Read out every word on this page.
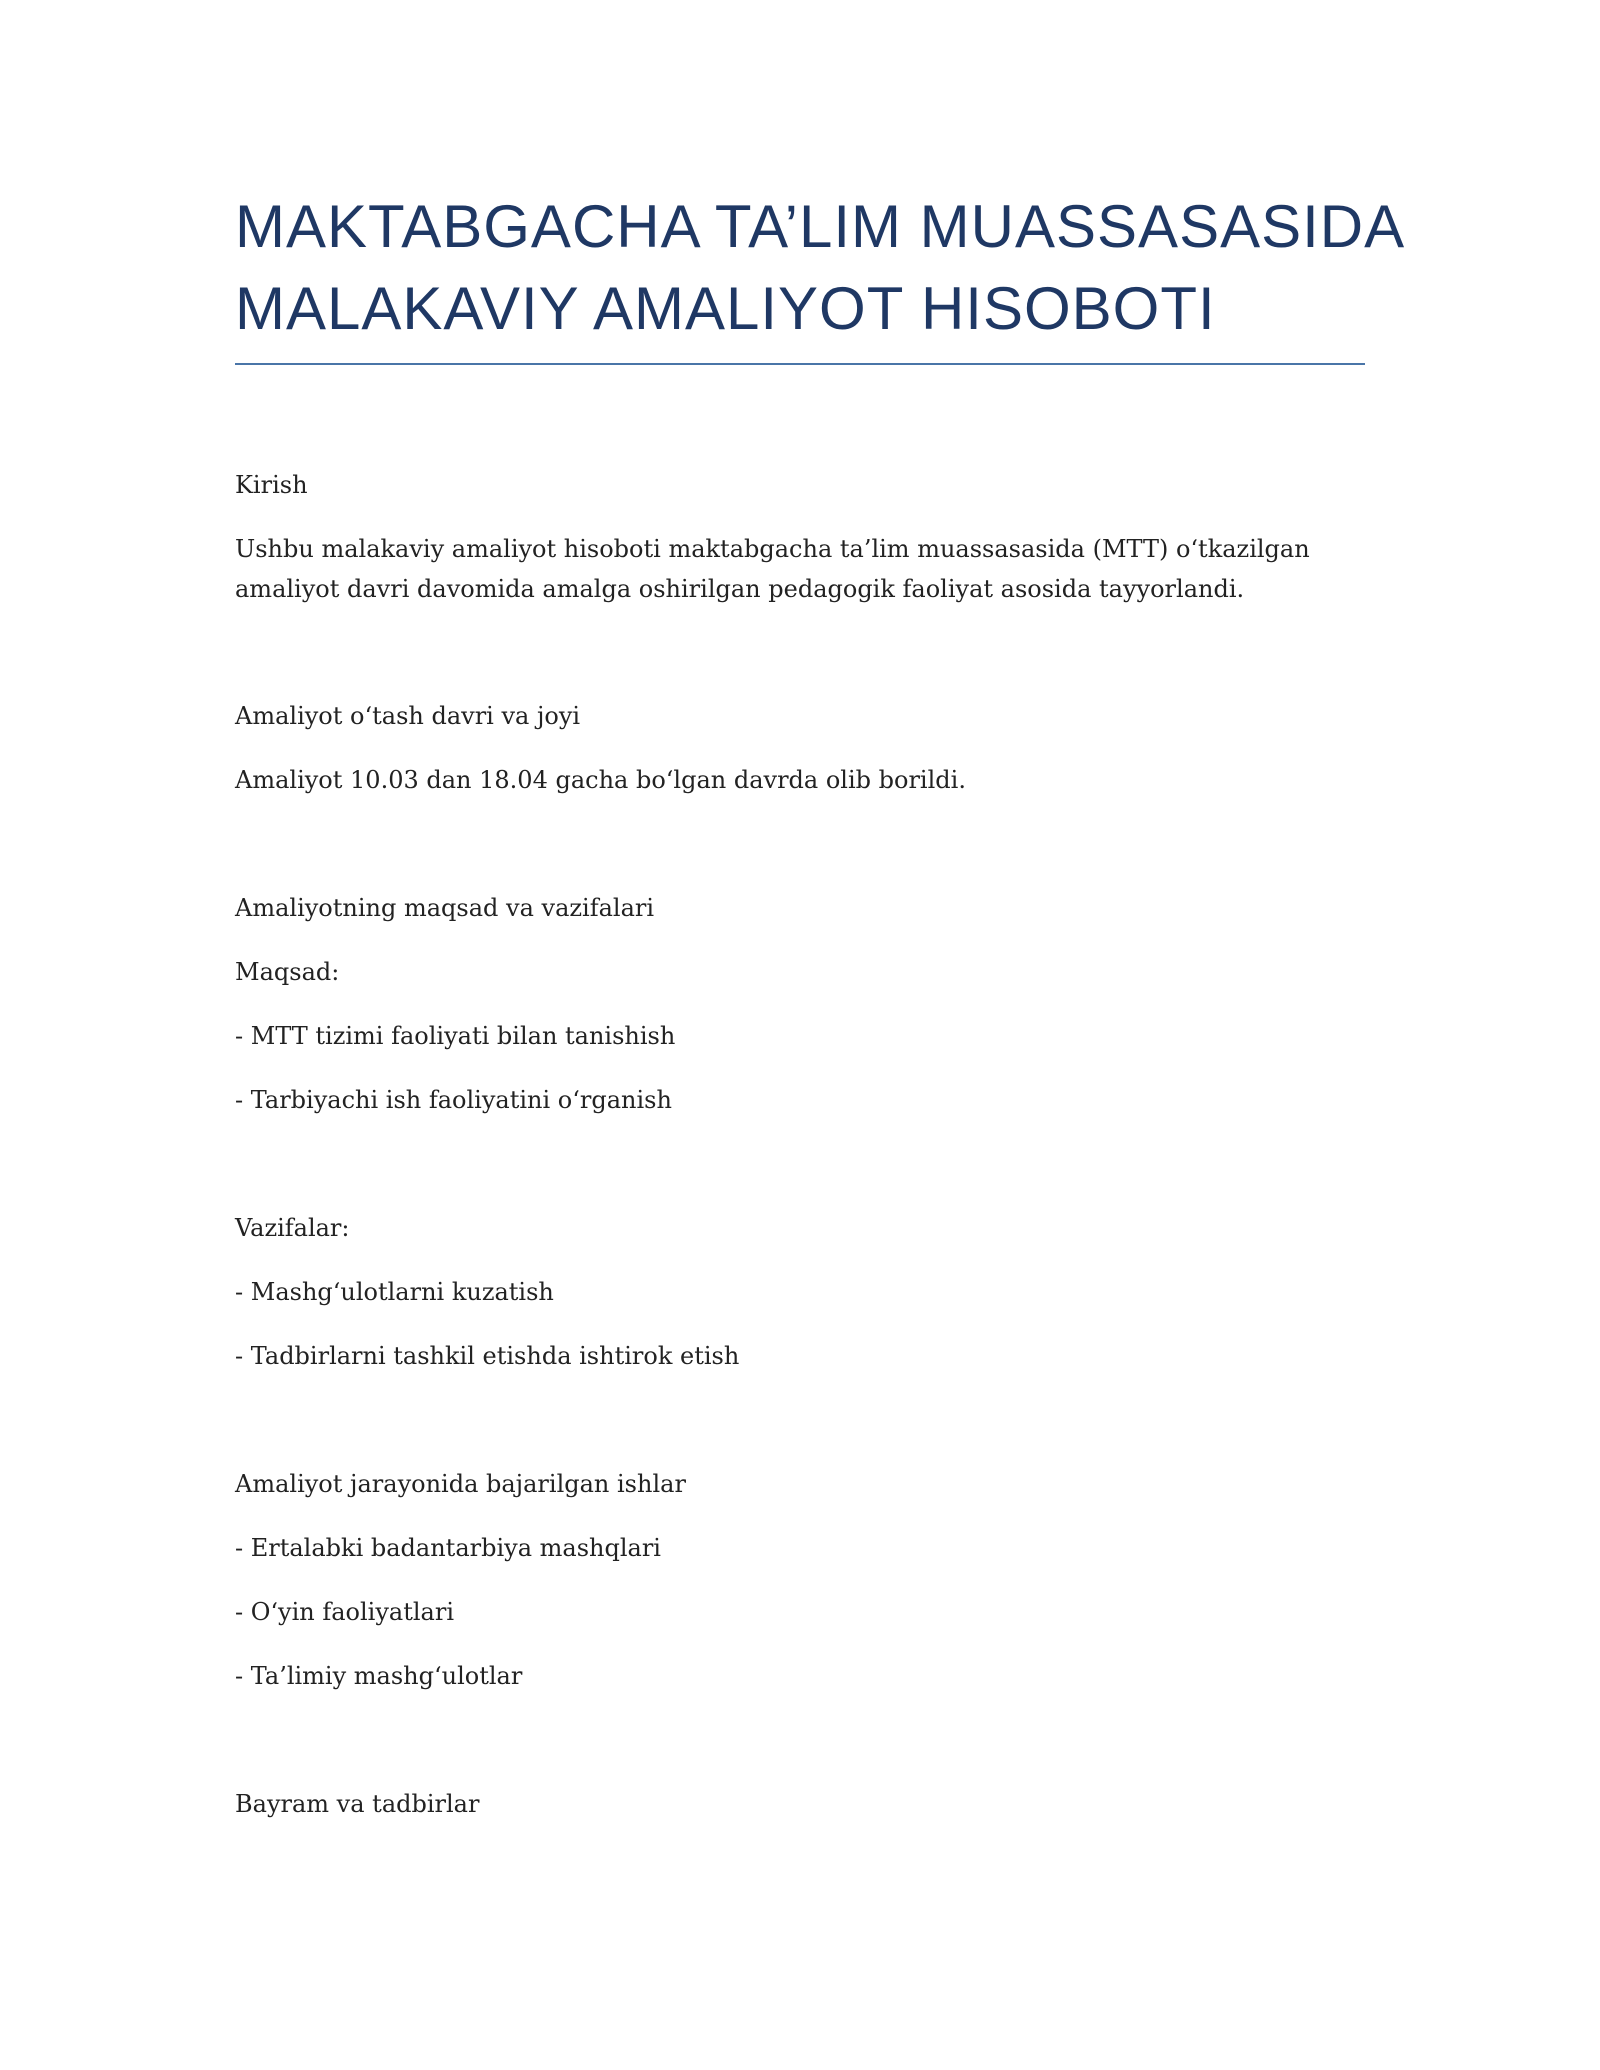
MAKTABGACHA TA’LIM MUASSASASIDA
MALAKAVIY AMALIYOT HISOBOTI

Kirish

Ushbu malakaviy amaliyot hisoboti maktabgacha ta’lim muassasasida (MTT) o‘tkazilgan

amaliyot davri davomida amalga oshirilgan pedagogik faoliyat asosida tayyorlandi.

Amaliyot o‘tash davri va joyi

Amaliyot 10.03 dan 18.04 gacha bo‘lgan davrda olib borildi.

Amaliyotning maqsad va vazifalari

Maqsad:

- MTT tizimi faoliyati bilan tanishish

- Tarbiyachi ish faoliyatini o‘rganish

Vazifalar:

- Mashg‘ulotlarni kuzatish

- Tadbirlarni tashkil etishda ishtirok etish

Amaliyot jarayonida bajarilgan ishlar

- Ertalabki badantarbiya mashqlari

- O‘yin faoliyatlari

- Ta’limiy mashg‘ulotlar

Bayram va tadbirlar
